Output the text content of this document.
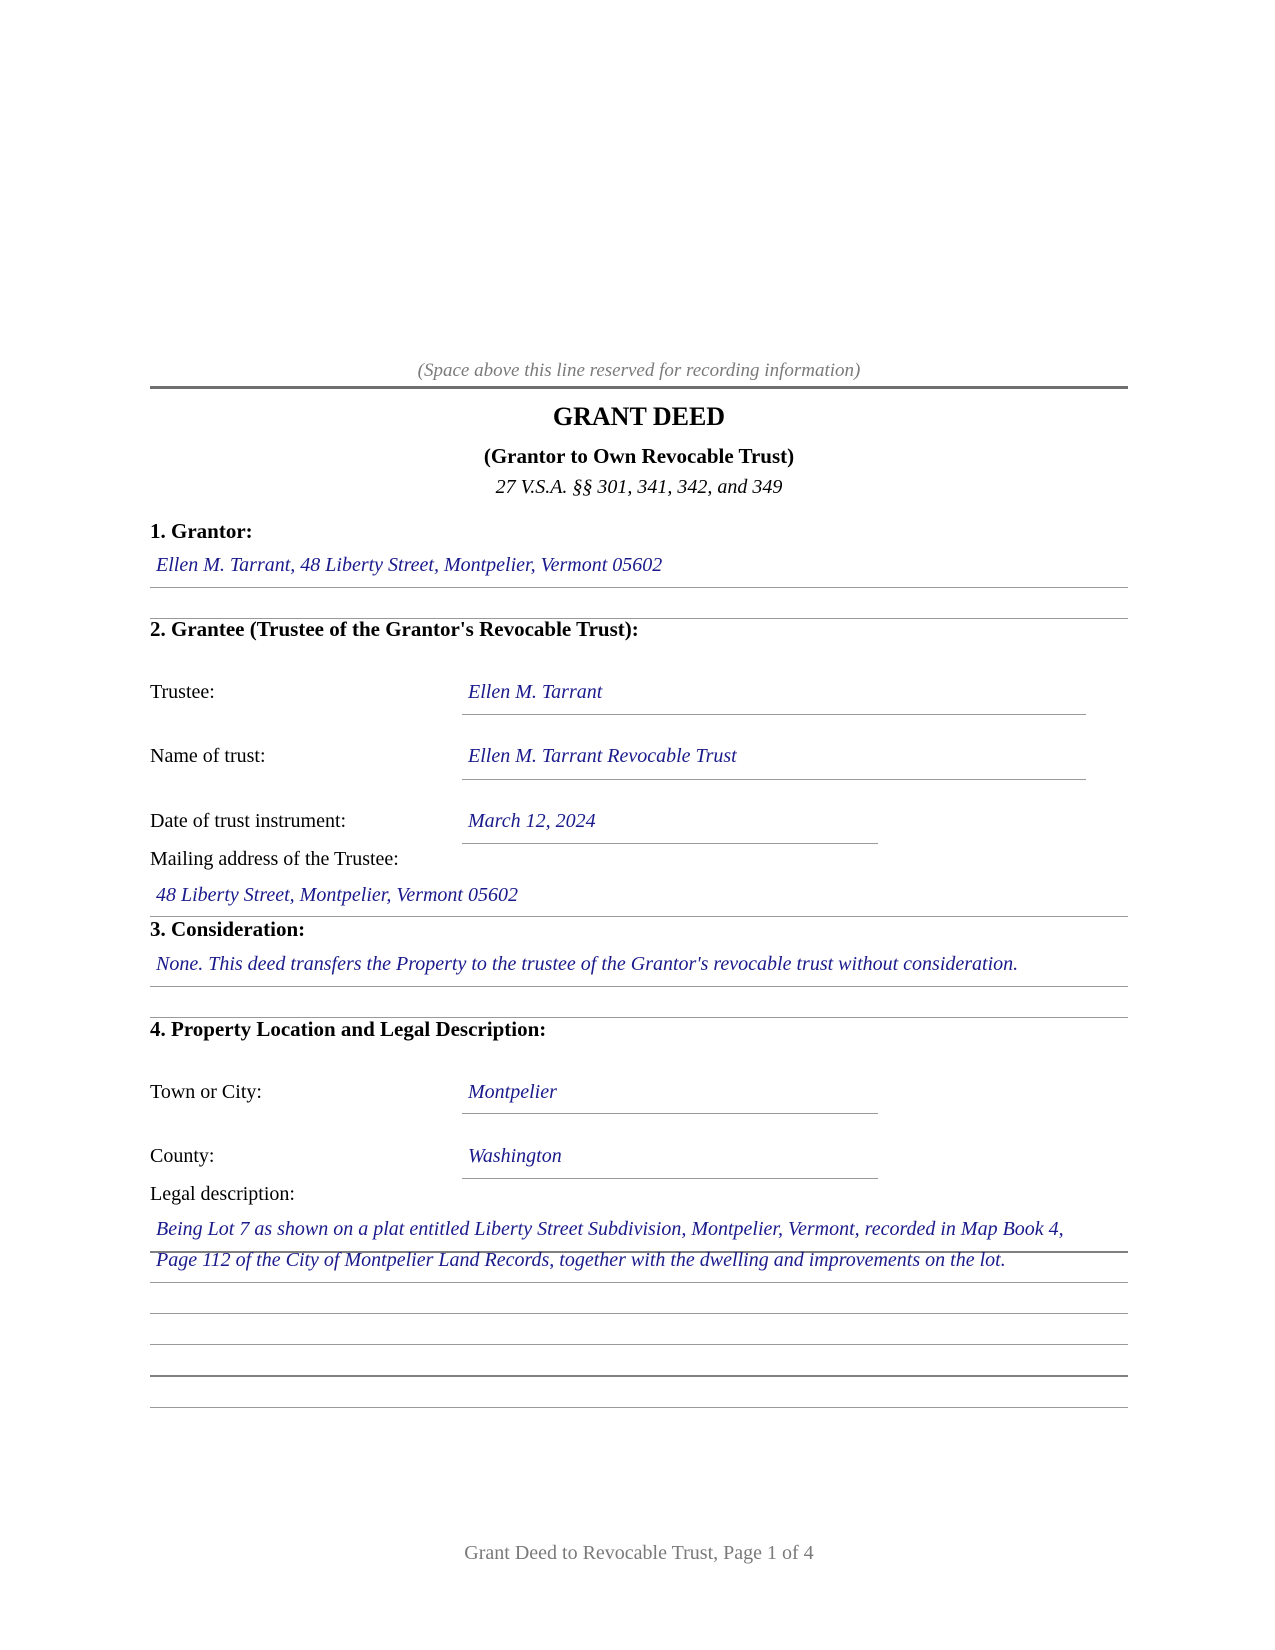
(Space above this line reserved for recording information)
GRANT DEED
(Grantor to Own Revocable Trust)
27 V.S.A. §§ 301, 341, 342, and 349
1. Grantor:
Ellen M. Tarrant, 48 Liberty Street, Montpelier, Vermont 05602
2. Grantee (Trustee of the Grantor's Revocable Trust):
Trustee:	Ellen M. Tarrant
Name of trust:	Ellen M. Tarrant Revocable Trust
Date of trust instrument:	March 12, 2024
Mailing address of the Trustee:
48 Liberty Street, Montpelier, Vermont 05602
3. Consideration:
None. This deed transfers the Property to the trustee of the Grantor's revocable trust without consideration.
4. Property Location and Legal Description:
Town or City:	Montpelier
County:	Washington
Legal description:
Being Lot 7 as shown on a plat entitled Liberty Street Subdivision, Montpelier, Vermont, recorded in Map Book 4,
Page 112 of the City of Montpelier Land Records, together with the dwelling and improvements on the lot.
Grant Deed to Revocable Trust, Page 1 of 4
